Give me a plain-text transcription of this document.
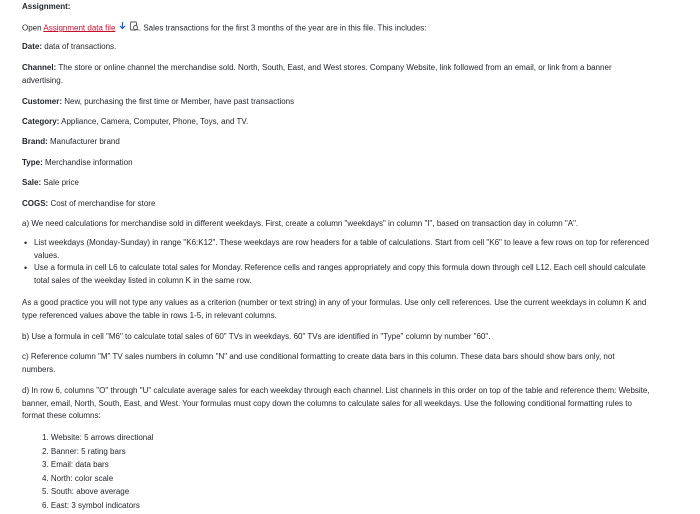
Assignment:

Open Assignment data file	. Sales transactions for the first 3 months of the year are in this file. This includes:

Date: data of transactions.

Channel: The store or online channel the merchandise sold. North, South, East, and West stores. Company Website, link followed from an email, or link from a banner advertising.

Customer: New, purchasing the first time or Member, have past transactions

Category: Appliance, Camera, Computer, Phone, Toys, and TV.

Brand: Manufacturer brand

Type: Merchandise information

Sale: Sale price

COGS: Cost of merchandise for store

a) We need calculations for merchandise sold in different weekdays. First, create a column "weekdays" in column "I", based on transaction day in column "A".

• List weekdays (Monday-Sunday) in range "K6:K12". These weekdays are row headers for a table of calculations. Start from cell "K6" to leave a few rows on top for referenced values.
• Use a formula in cell L6 to calculate total sales for Monday. Reference cells and ranges appropriately and copy this formula down through cell L12. Each cell should calculate total sales of the weekday listed in column K in the same row.

As a good practice you will not type any values as a criterion (number or text string) in any of your formulas. Use only cell references. Use the current weekdays in column K and type referenced values above the table in rows 1-5, in relevant columns.

b) Use a formula in cell "M6" to calculate total sales of 60" TVs in weekdays. 60" TVs are identified in "Type" column by number "60".

c) Reference column "M" TV sales numbers in column "N" and use conditional formatting to create data bars in this column. These data bars should show bars only, not numbers.

d) In row 6, columns "O" through "U" calculate average sales for each weekday through each channel. List channels in this order on top of the table and reference them: Website, banner, email, North, South, East, and West. Your formulas must copy down the columns to calculate sales for all weekdays. Use the following conditional formatting rules to format these columns:

1. Website: 5 arrows directional
2. Banner: 5 rating bars
3. Email: data bars
4. North: color scale
5. South: above average
6. East: 3 symbol indicators
